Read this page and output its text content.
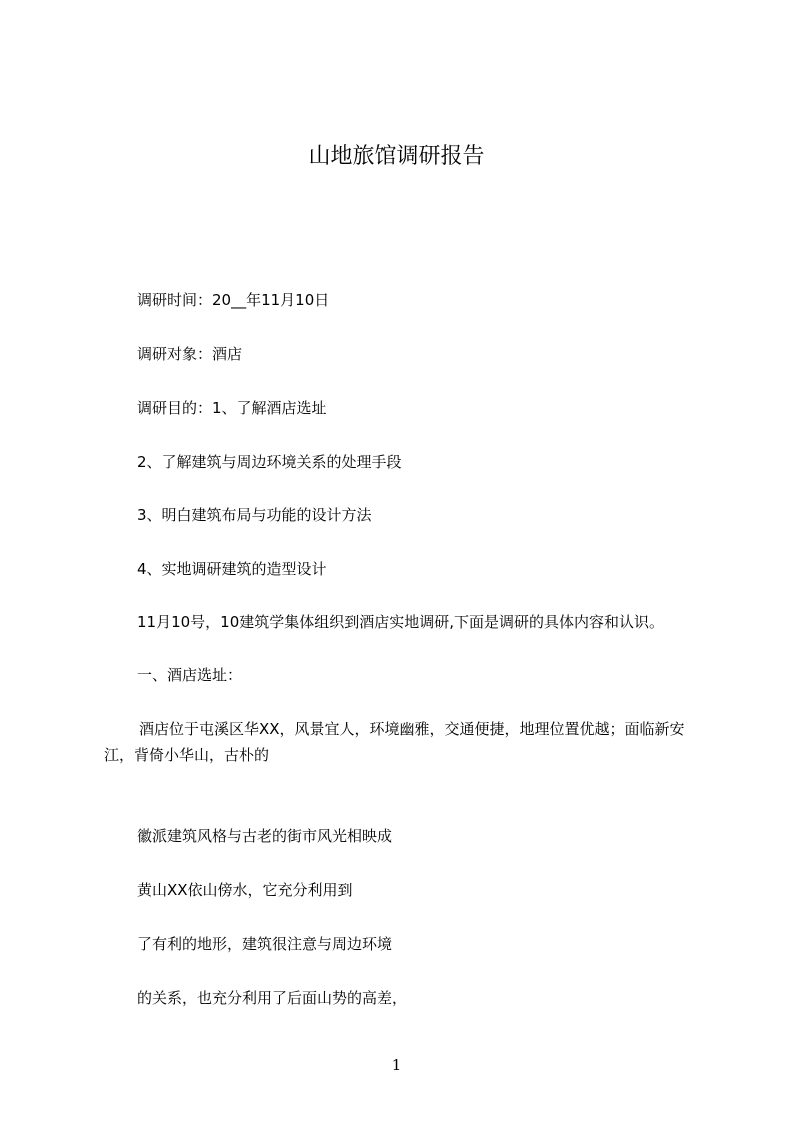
山地旅馆调研报告
调研时间：20__年11月10日
调研对象：酒店
调研目的：1、了解酒店选址
2、了解建筑与周边环境关系的处理手段
3、明白建筑布局与功能的设计方法
4、实地调研建筑的造型设计
11月10号，10建筑学集体组织到酒店实地调研,下面是调研的具体内容和认识。
一、酒店选址：
酒店位于屯溪区华XX，风景宜人，环境幽雅，交通便捷，地理位置优越；面临新安江，背倚小华山，古朴的
徽派建筑风格与古老的街市风光相映成
黄山XX依山傍水，它充分利用到
了有利的地形，建筑很注意与周边环境
的关系，也充分利用了后面山势的高差，
1
